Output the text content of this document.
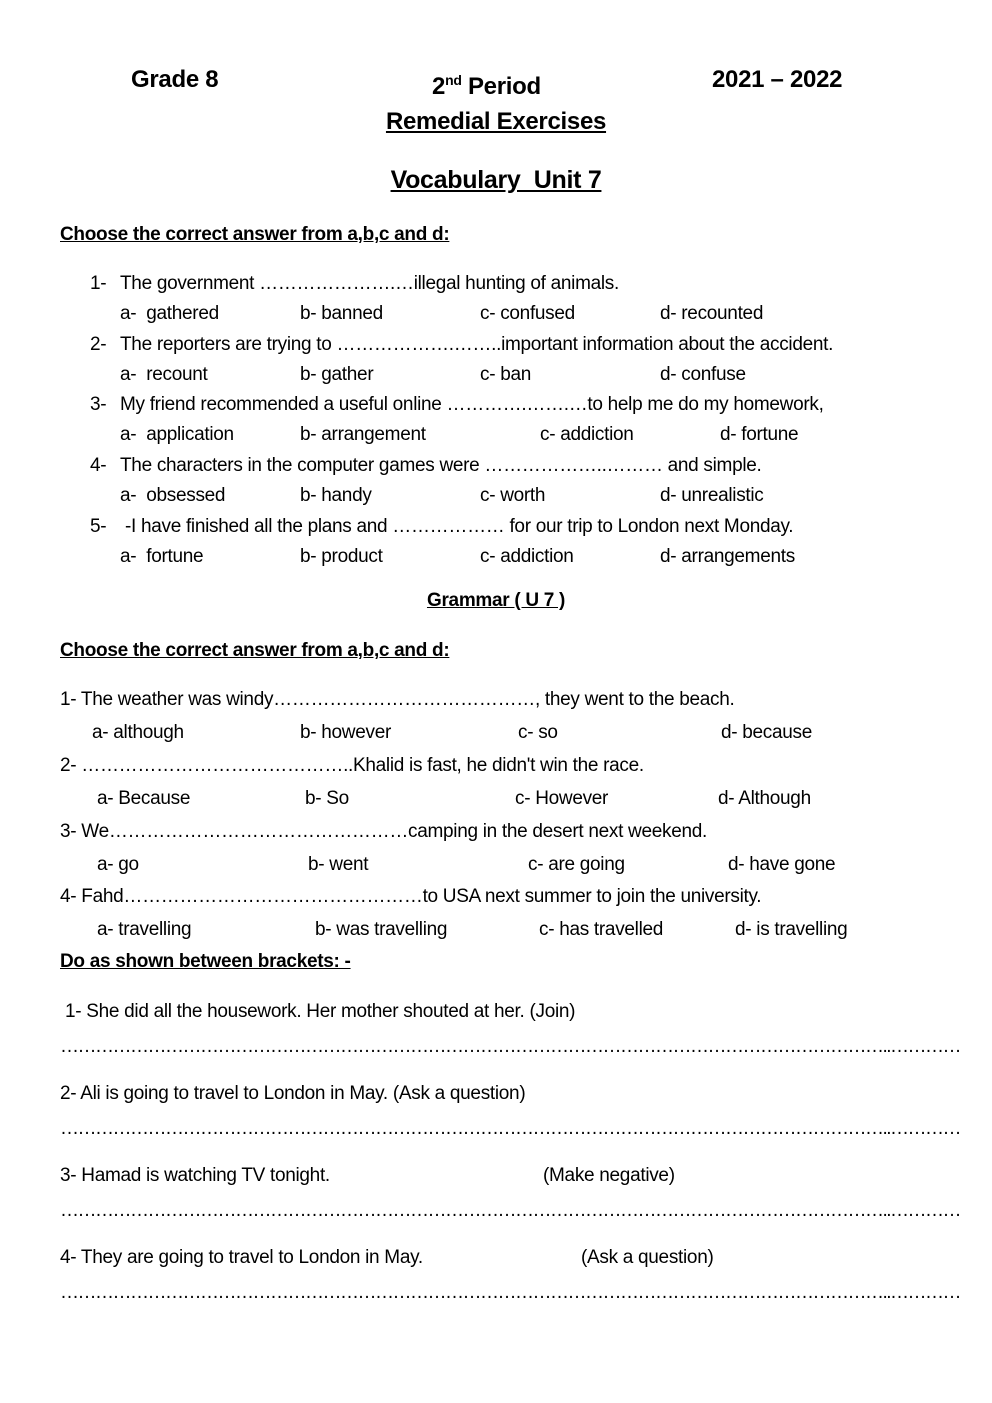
Grade 8	2nd Period	2021 – 2022
Remedial Exercises
Vocabulary  Unit 7
Choose the correct answer from a,b,c and d:
1- The government ………………….…illegal hunting of animals.
a-  gathered	b- banned	c- confused	d- recounted
2- The reporters are trying to ……………….……..important information about the accident.
a-  recount	b- gather	c- ban	d- confuse
3- My friend recommended a useful online ………….…….…to help me do my homework,
a-  application	b- arrangement	c- addiction	d- fortune
4- The characters in the computer games were ………………..……… and simple.
a-  obsessed	b- handy	c- worth	d- unrealistic
5- -I have finished all the plans and ……………… for our trip to London next Monday.
a-  fortune	b- product	c- addiction	d- arrangements
Grammar ( U 7 )
Choose the correct answer from a,b,c and d:
1- The weather was windy……………………………………, they went to the beach.
a- although	b- however	c- so	d- because
2- ……………………………………..Khalid is fast, he didn't win the race.
a- Because	b- So	c- However	d- Although
3- We…………………………………………camping in the desert next weekend.
a- go	b- went	c- are going	d- have gone
4- Fahd…………………………………………to USA next summer to join the university.
a- travelling	b- was travelling	c- has travelled	d- is travelling
Do as shown between brackets: -
1- She did all the housework. Her mother shouted at her. (Join)
……………………………………………………………………………………………………………………………..…………
2- Ali is going to travel to London in May. (Ask a question)
……………………………………………………………………………………………………………………………..…………
3- Hamad is watching TV tonight.	(Make negative)
……………………………………………………………………………………………………………………………..…………
4- They are going to travel to London in May.	(Ask a question)
……………………………………………………………………………………………………………………………..…………
